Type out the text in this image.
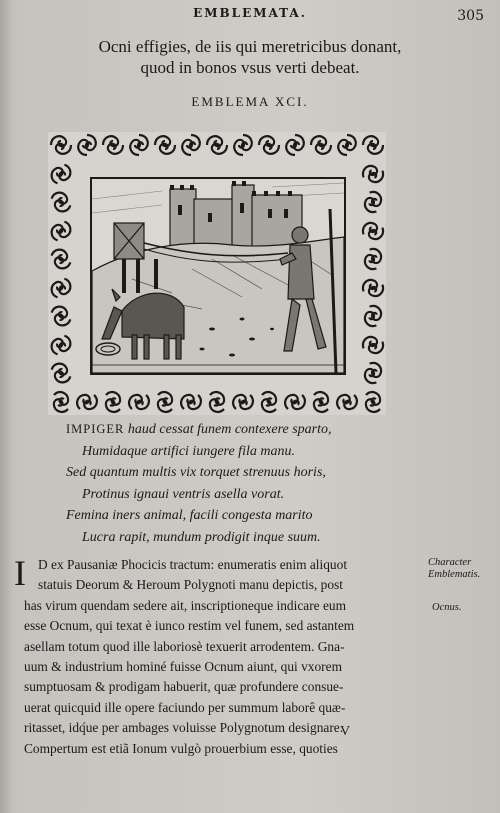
EMBLEMATA.	305
Ocni effigies, de iis qui meretricibus donant,
quod in bonos vsus verti debeat.
EMBLEMA XCI.
IMPIGER haud cessat funem contexere sparto,
Humidaque artifici iungere fila manu.
Sed quantum multis vix torquet strenuus horis,
Protinus ignaui ventris asella vorat.
Femina iners animal, facili congesta marito
Lucra rapit, mundum prodigit inque suum.
I D ex Pausaniæ Phocicis tractum: enumeratis enim aliquot
statuis Deorum & Heroum Polygnoti manu depictis, post
has virum quendam sedere ait, inscriptioneque indicare eum
esse Ocnum, qui texat è iunco restim vel funem, sed astantem
asellam totum quod ille laboriosè texuerit arrodentem. Gna-
uum & industrium hominé fuisse Ocnum aiunt, qui vxorem
sumptuosam & prodigam habuerit, quæ profundere consue-
uerat quicquid ille opere faciundo per summum laborê quæ-
ritasset, idq́ue per ambages voluisse Polygnotum designare.
Compertum est etiã Ionum vulgò prouerbium esse, quoties
Character
Emblematis.
Ocnus.
V
